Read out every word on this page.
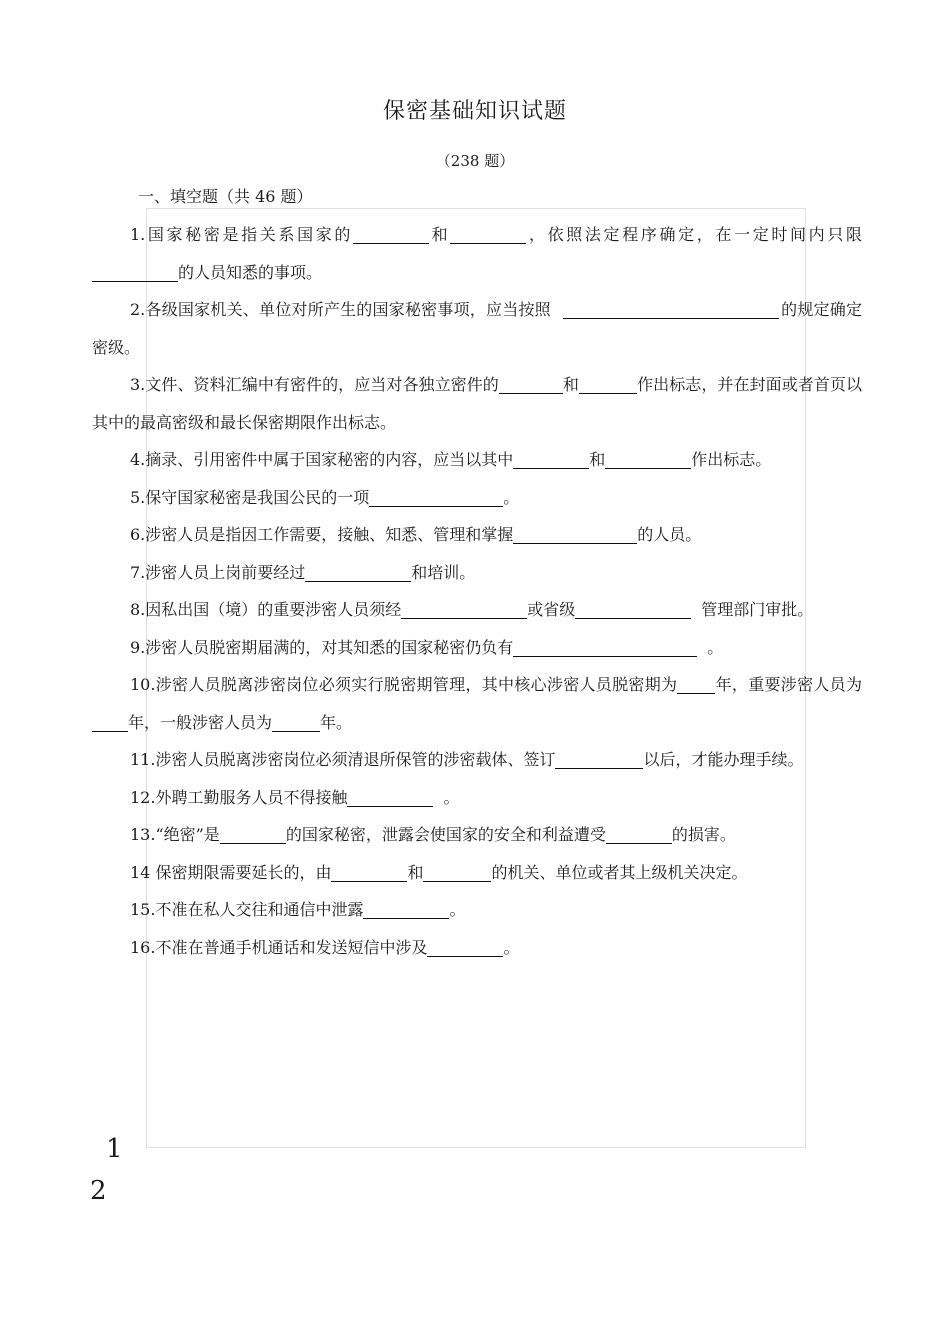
保密基础知识试题
（238 题）
一、填空题（共 46 题）

1.国家秘密是指关系国家的	和	，依照法定程序确定，在一定时间内只限的人员知悉的事项。

2.各级国家机关、单位对所产生的国家秘密事项，应当按照	的规定确定密级。

3.文件、资料汇编中有密件的，应当对各独立密件的	和	作出标志，并在封面或者首页以其中的最高密级和最长保密期限作出标志。

4.摘录、引用密件中属于国家秘密的内容，应当以其中	和	作出标志。

5.保守国家秘密是我国公民的一项	。

6.涉密人员是指因工作需要，接触、知悉、管理和掌握	的人员。

7.涉密人员上岗前要经过	和培训。

8.因私出国（境）的重要涉密人员须经	或省级	管理部门审批。

9.涉密人员脱密期届满的，对其知悉的国家秘密仍负有	。

10.涉密人员脱离涉密岗位必须实行脱密期管理，其中核心涉密人员脱密期为 年，重要涉密人员为年，一般涉密人员为	年。

11.涉密人员脱离涉密岗位必须清退所保管的涉密载体、签订	以后，才能办理手续。

12.外聘工勤服务人员不得接触	。

13.“绝密”是	的国家秘密，泄露会使国家的安全和利益遭受	的损害。

14 保密期限需要延长的，由	和	的机关、单位或者其上级机关决定。

15.不准在私人交往和通信中泄露	。

16.不准在普通手机通话和发送短信中涉及	。

1
2
